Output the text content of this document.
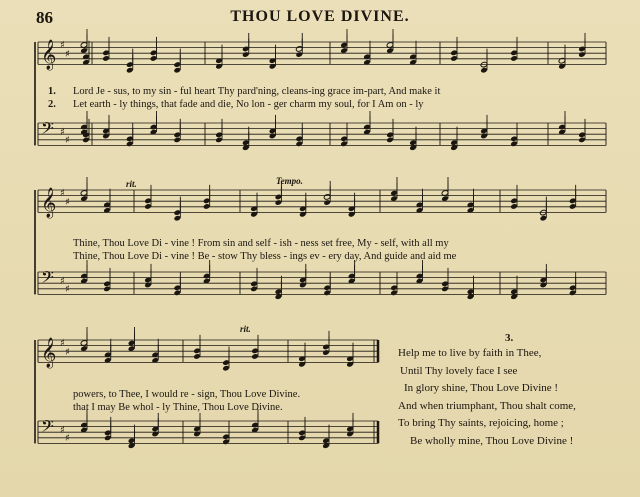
86	THOU LOVE DIVINE.
𝄞 ♯
♯
𝄢 ♯
♯
𝄞 ♯
♯
𝄢 ♯
♯
𝄞 ♯
♯
𝄢 ♯
♯
1.
2.
Lord Je - sus, to my sin - ful heart Thy pard'ning, cleans-ing grace im-part, And make it
Let earth - ly things, that fade and die, No lon - ger charm my soul, for I Am on - ly
rit.	Tempo.
Thine, Thou Love Di - vine ! From sin and self - ish - ness set free, My - self, with all my
Thine, Thou Love Di - vine ! Be - stow Thy bless - ings ev - ery day, And guide and aid me
rit.
powers, to Thee, I would re - sign, Thou Love Divine.
that I may Be whol - ly Thine, Thou Love Divine.
3.
Help me to live by faith in Thee,
Until Thy lovely face I see
In glory shine, Thou Love Divine !
And when triumphant, Thou shalt come,
To bring Thy saints, rejoicing, home ;
Be wholly mine, Thou Love Divine !
